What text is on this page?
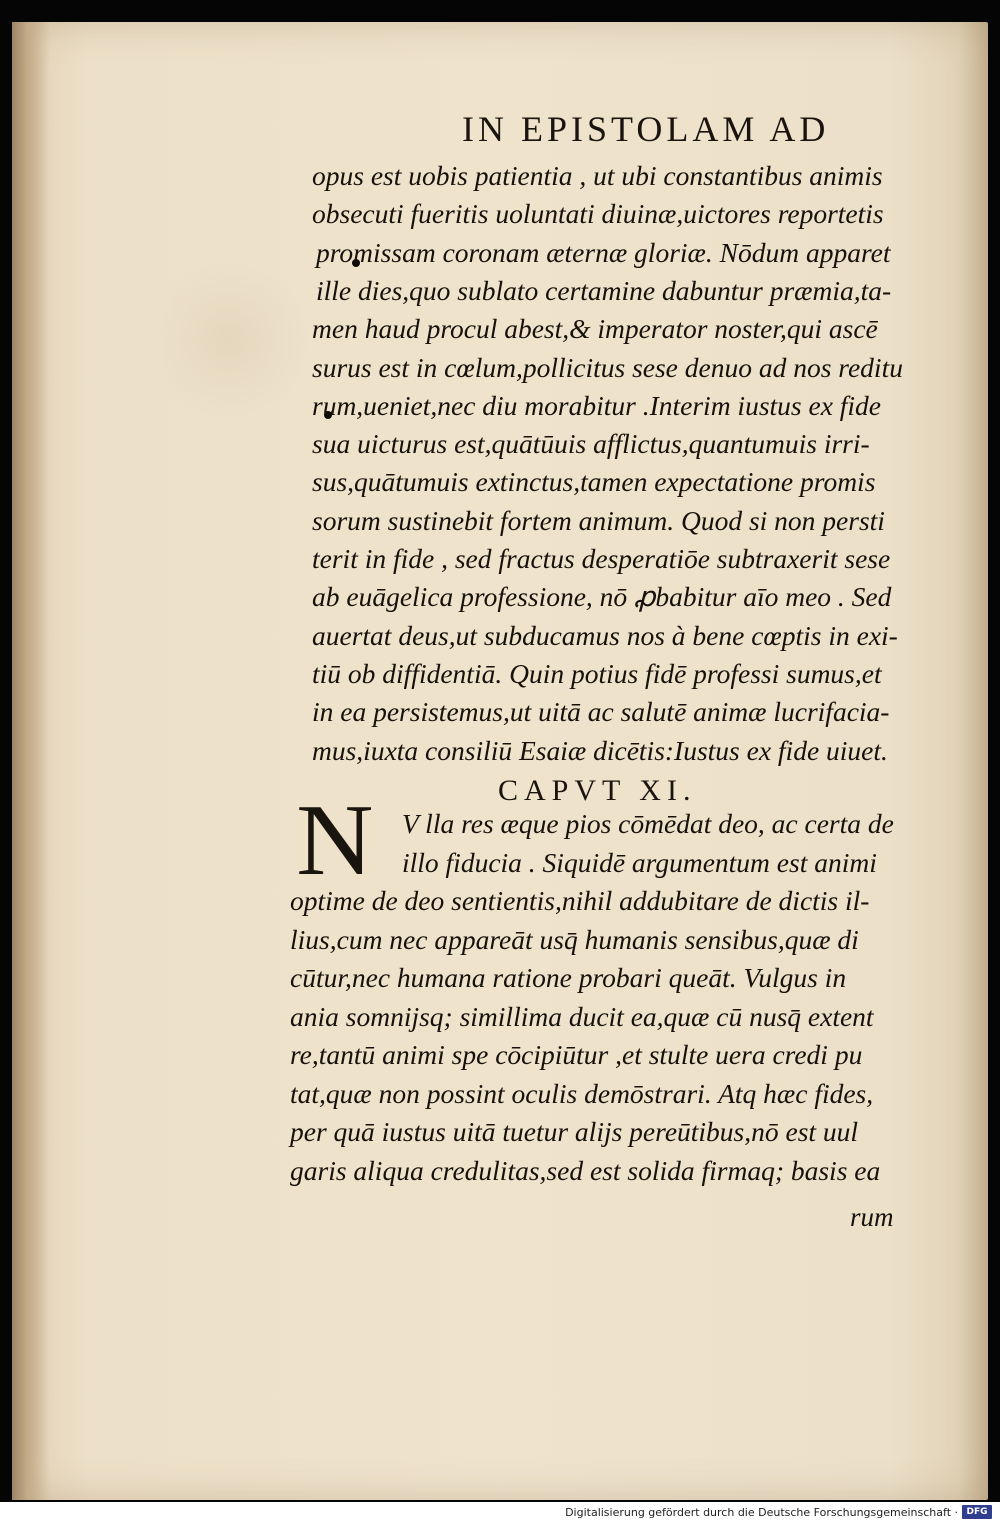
IN EPISTOLAM AD
opus est uobis patientia , ut ubi constantibus animis
obsecuti fueritis uoluntati diuinæ,uictores reportetis
promissam coronam æternæ gloriæ. Nōdum apparet
ille dies,quo sublato certamine dabuntur præmia,ta-
men haud procul abest,& imperator noster,qui ascē
surus est in cœlum,pollicitus sese denuo ad nos reditu
rum,ueniet,nec diu morabitur .Interim iustus ex fide
sua uicturus est,quātūuis afflictus,quantumuis irri-
sus,quātumuis extinctus,tamen expectatione promis
sorum sustinebit fortem animum. Quod si non persti
terit in fide , sed fractus desperatiōe subtraxerit sese
ab euāgelica professione, nō ꝓbabitur aīo meo . Sed
auertat deus,ut subducamus nos à bene cœptis in exi-
tiū ob diffidentiā. Quin potius fidē professi sumus,et
in ea persistemus,ut uitā ac salutē animæ lucrifacia-
mus,iuxta consiliū Esaiæ dicētis:Iustus ex fide uiuet.
CAPVT XI.
N V lla res æque pios cōmēdat deo, ac certa de
illo fiducia . Siquidē argumentum est animi
optime de deo sentientis,nihil addubitare de dictis il-
lius,cum nec appareāt usq̄ humanis sensibus,quæ di
cūtur,nec humana ratione probari queāt. Vulgus in
ania somnijsq; simillima ducit ea,quæ cū nusq̄ extent
re,tantū animi spe cōcipiūtur ,et stulte uera credi pu
tat,quæ non possint oculis demōstrari. Atq hæc fides,
per quā iustus uitā tuetur alijs pereūtibus,nō est uul
garis aliqua credulitas,sed est solida firmaq; basis ea
rum
Digitalisierung gefördert durch die Deutsche Forschungsgemeinschaft · DFG
